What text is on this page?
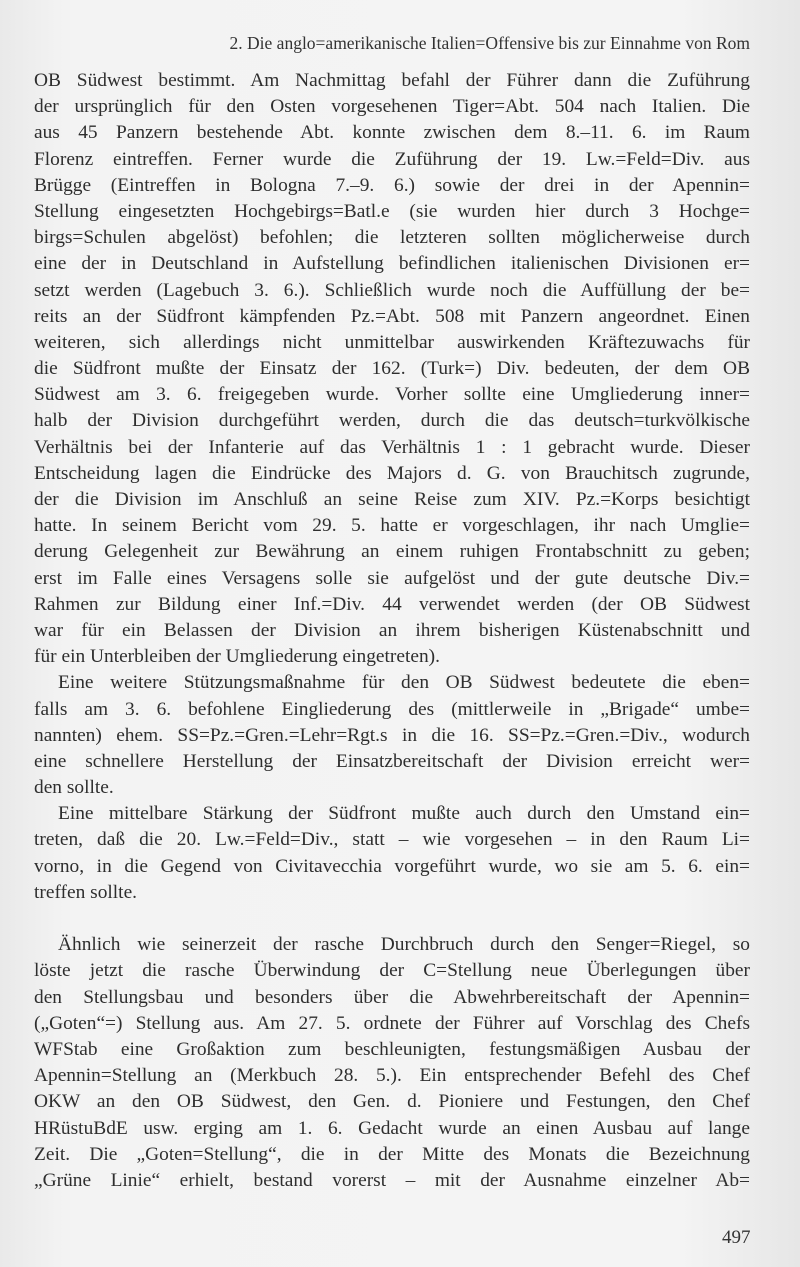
2. Die anglo=amerikanische Italien=Offensive bis zur Einnahme von Rom
OB Südwest bestimmt. Am Nachmittag befahl der Führer dann die Zuführung
der ursprünglich für den Osten vorgesehenen Tiger=Abt. 504 nach Italien. Die
aus 45 Panzern bestehende Abt. konnte zwischen dem 8.–11. 6. im Raum
Florenz eintreffen. Ferner wurde die Zuführung der 19. Lw.=Feld=Div. aus
Brügge (Eintreffen in Bologna 7.–9. 6.) sowie der drei in der Apennin=
Stellung eingesetzten Hochgebirgs=Batl.e (sie wurden hier durch 3 Hochge=
birgs=Schulen abgelöst) befohlen; die letzteren sollten möglicherweise durch
eine der in Deutschland in Aufstellung befindlichen italienischen Divisionen er=
setzt werden (Lagebuch 3. 6.). Schließlich wurde noch die Auffüllung der be=
reits an der Südfront kämpfenden Pz.=Abt. 508 mit Panzern angeordnet. Einen
weiteren, sich allerdings nicht unmittelbar auswirkenden Kräftezuwachs für
die Südfront mußte der Einsatz der 162. (Turk=) Div. bedeuten, der dem OB
Südwest am 3. 6. freigegeben wurde. Vorher sollte eine Umgliederung inner=
halb der Division durchgeführt werden, durch die das deutsch=turkvölkische
Verhältnis bei der Infanterie auf das Verhältnis 1 : 1 gebracht wurde. Dieser
Entscheidung lagen die Eindrücke des Majors d. G. von Brauchitsch zugrunde,
der die Division im Anschluß an seine Reise zum XIV. Pz.=Korps besichtigt
hatte. In seinem Bericht vom 29. 5. hatte er vorgeschlagen, ihr nach Umglie=
derung Gelegenheit zur Bewährung an einem ruhigen Frontabschnitt zu geben;
erst im Falle eines Versagens solle sie aufgelöst und der gute deutsche Div.=
Rahmen zur Bildung einer Inf.=Div. 44 verwendet werden (der OB Südwest
war für ein Belassen der Division an ihrem bisherigen Küstenabschnitt und
für ein Unterbleiben der Umgliederung eingetreten).
Eine weitere Stützungsmaßnahme für den OB Südwest bedeutete die eben=
falls am 3. 6. befohlene Eingliederung des (mittlerweile in „Brigade“ umbe=
nannten) ehem. SS=Pz.=Gren.=Lehr=Rgt.s in die 16. SS=Pz.=Gren.=Div., wodurch
eine schnellere Herstellung der Einsatzbereitschaft der Division erreicht wer=
den sollte.
Eine mittelbare Stärkung der Südfront mußte auch durch den Umstand ein=
treten, daß die 20. Lw.=Feld=Div., statt – wie vorgesehen – in den Raum Li=
vorno, in die Gegend von Civitavecchia vorgeführt wurde, wo sie am 5. 6. ein=
treffen sollte.
Ähnlich wie seinerzeit der rasche Durchbruch durch den Senger=Riegel, so
löste jetzt die rasche Überwindung der C=Stellung neue Überlegungen über
den Stellungsbau und besonders über die Abwehrbereitschaft der Apennin=
(„Goten“=) Stellung aus. Am 27. 5. ordnete der Führer auf Vorschlag des Chefs
WFStab eine Großaktion zum beschleunigten, festungsmäßigen Ausbau der
Apennin=Stellung an (Merkbuch 28. 5.). Ein entsprechender Befehl des Chef
OKW an den OB Südwest, den Gen. d. Pioniere und Festungen, den Chef
HRüstuBdE usw. erging am 1. 6. Gedacht wurde an einen Ausbau auf lange
Zeit. Die „Goten=Stellung“, die in der Mitte des Monats die Bezeichnung
„Grüne Linie“ erhielt, bestand vorerst – mit der Ausnahme einzelner Ab=
497
